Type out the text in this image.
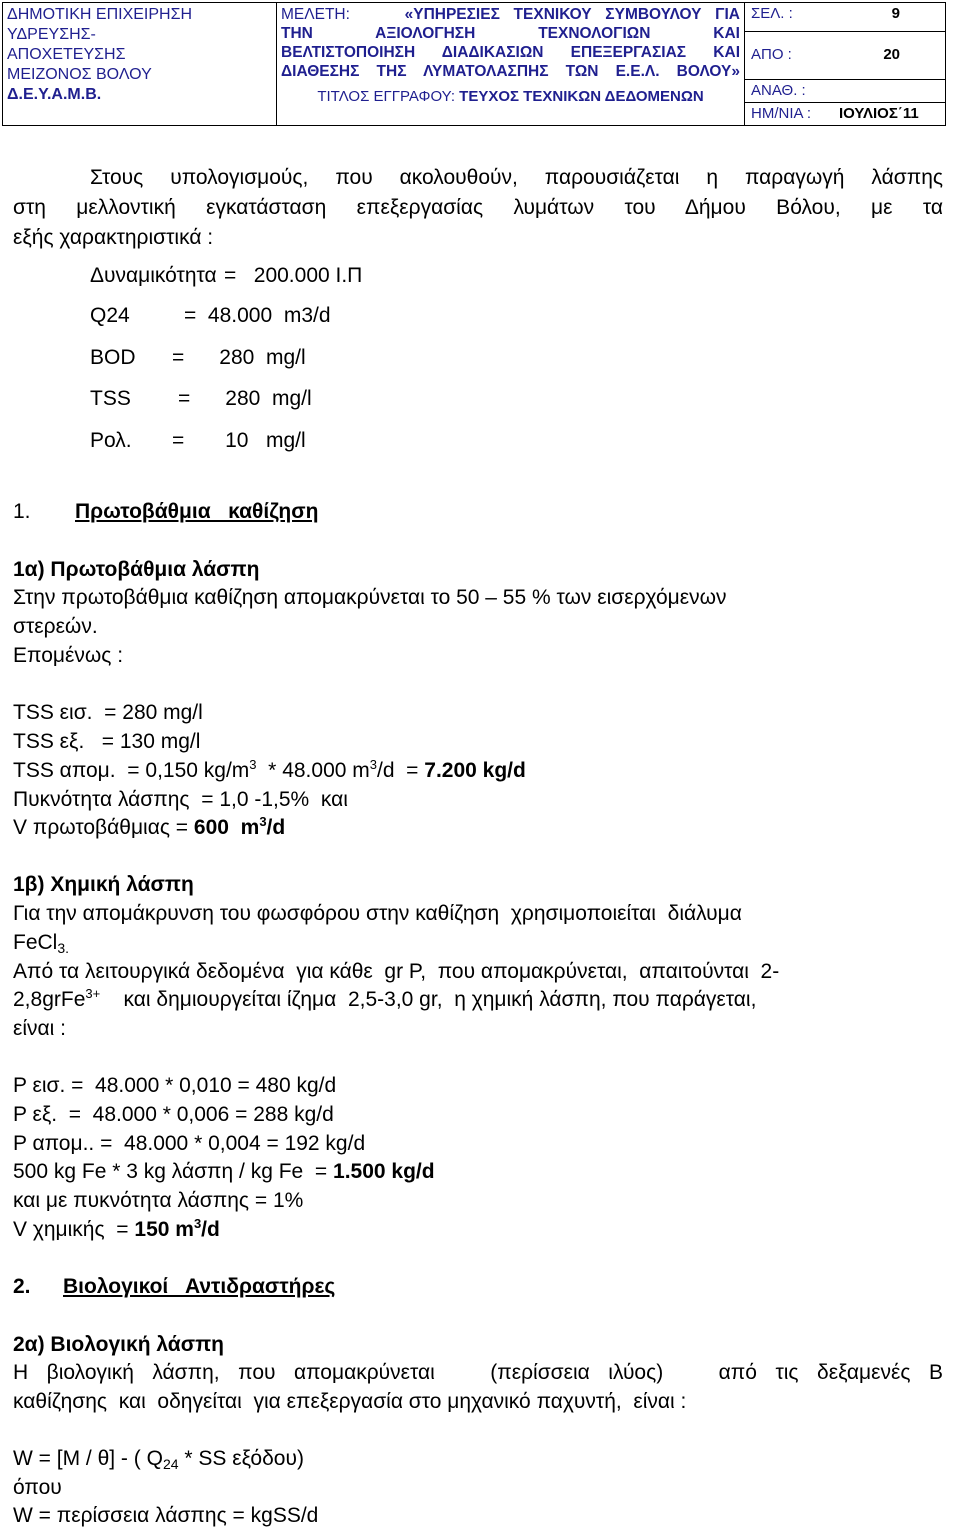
ΔΗΜΟΤΙΚΗ ΕΠΙΧΕΙΡΗΣΗ
ΥΔΡΕΥΣΗΣ-
ΑΠΟΧΕΤΕΥΣΗΣ
ΜΕΙΖΟΝΟΣ ΒΟΛΟΥ
Δ.Ε.Υ.Α.Μ.Β.

ΜΕΛΕΤΗ:	«ΥΠΗΡΕΣΙΕΣ ΤΕΧΝΙΚΟΥ ΣΥΜΒΟΥΛΟΥ ΓΙΑ
ΤΗΝ ΑΞΙΟΛΟΓΗΣΗ ΤΕΧΝΟΛΟΓΙΩΝ ΚΑΙ
ΒΕΛΤΙΣΤΟΠΟΙΗΣΗ ΔΙΑΔΙΚΑΣΙΩΝ ΕΠΕΞΕΡΓΑΣΙΑΣ ΚΑΙ
ΔΙΑΘΕΣΗΣ ΤΗΣ ΛΥΜΑΤΟΛΑΣΠΗΣ ΤΩΝ Ε.Ε.Λ. ΒΟΛΟΥ»
ΤΙΤΛΟΣ ΕΓΓΡΑΦΟΥ: ΤΕΥΧΟΣ ΤΕΧΝΙΚΩΝ ΔΕΔΟΜΕΝΩΝ

ΣΕΛ. :	9
ΑΠΟ :	20
ΑΝΑΘ. :
ΗΜ/ΝΙΑ :	ΙΟΥΛΙΟΣ΄11
Στους υπολογισμούς, που ακολουθούν, παρουσιάζεται η παραγωγή λάσπης
στη μελλοντική εγκατάσταση επεξεργασίας λυμάτων του Δήμου Βόλου, με τα
εξής χαρακτηριστικά :
Δυναμικότητα =   200.000 Ι.Π
Q24	=  48.000  m3/d
BOD =      280  mg/l
TSS =      280  mg/l
Ρολ. =       10   mg/l
1. Πρωτοβάθμια   καθίζηση
1α) Πρωτοβάθμια λάσπη
Στην πρωτοβάθμια καθίζηση απομακρύνεται το 50 – 55 % των εισερχόμενων
στερεών.
Επομένως :
TSS εισ.  = 280 mg/l
TSS εξ.   = 130 mg/l
TSS απομ.  = 0,150 $kg/m^3 * 48.000$ $m^3/d = 7.200$ kg/d
Πυκνότητα λάσπης  = 1,0 -1,5%  και
V πρωτοβάθμιας = 600  $m^3/d$
1β) Χημική λάσπη
Για την απομάκρυνση του φωσφόρου στην καθίζηση  χρησιμοποιείται  διάλυμα
FeCl$_{3.}$
Από τα λειτουργικά δεδομένα  για κάθε  gr P,  που απομακρύνεται,  απαιτούνται  2-
2,8grFe$^{3+}$    και δημιουργείται ίζημα  2,5-3,0 gr,  η χημική λάσπη, που παράγεται,
είναι :
P εισ. =  48.000 * 0,010 = 480 kg/d
P εξ.  =  48.000 * 0,006 = 288 kg/d
P απομ.. =  48.000 * 0,004 = 192 kg/d
500 kg Fe * 3 kg λάσπη / kg Fe  = 1.500 kg/d
και με πυκνότητα λάσπης = 1%
V χημικής  = 150 $m^3/d$
2. Βιολογικοί   Αντιδραστήρες
2α) Βιολογική λάσπη
Η βιολογική λάσπη, που απομακρύνεται   (περίσσεια ιλύος)   από τις δεξαμενές Β
καθίζησης  και  οδηγείται  για επεξεργασία στο μηχανικό παχυντή,  είναι :
W = [M / θ] - ( $Q_{24}$ * SS εξόδου)
όπου
W = περίσσεια λάσπης = kgSS/d
